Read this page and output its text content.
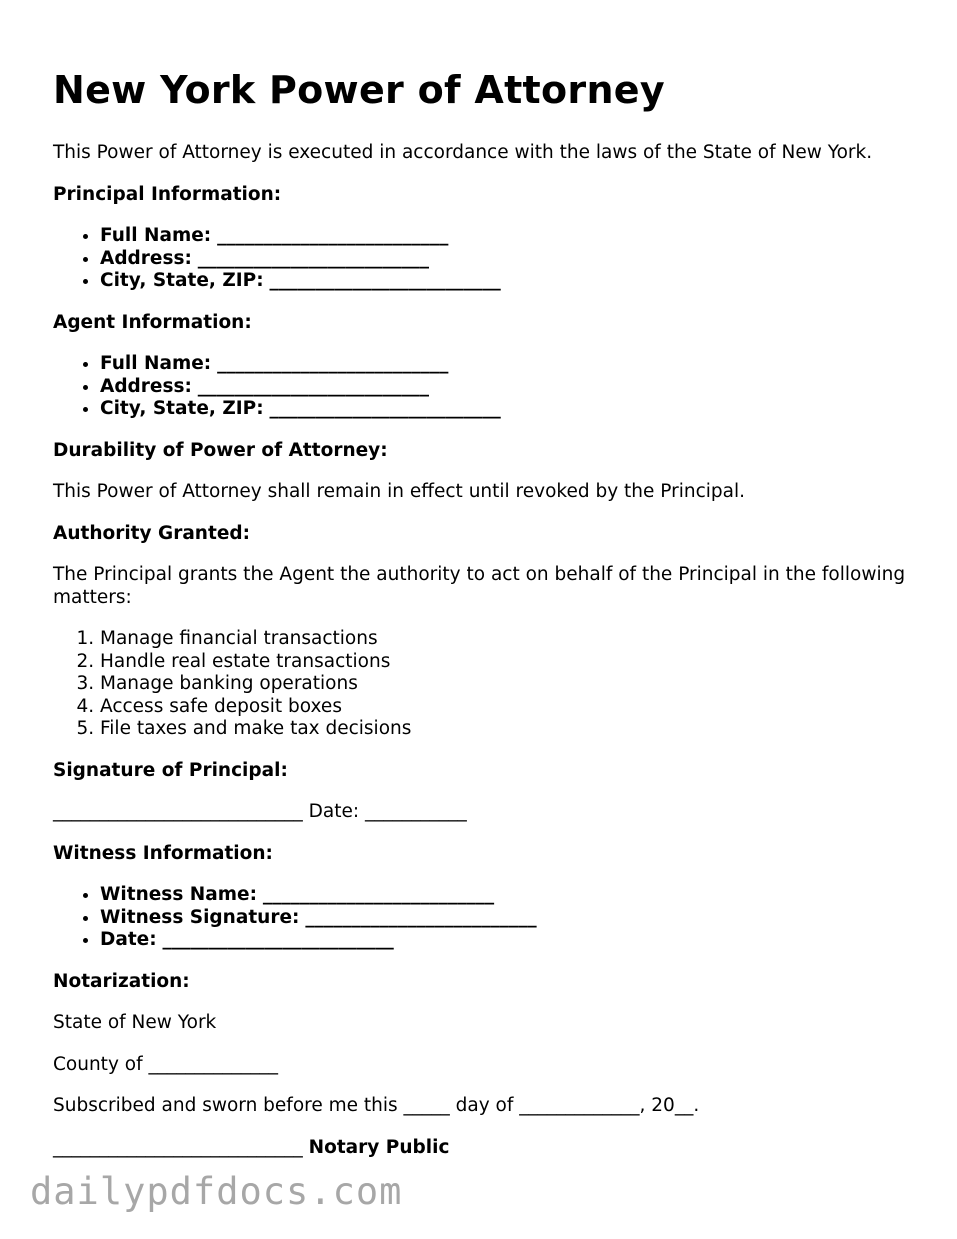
New York Power of Attorney

This Power of Attorney is executed in accordance with the laws of the State of New York.

Principal Information:

• Full Name: _________________________
• Address: _________________________
• City, State, ZIP: _________________________

Agent Information:

• Full Name: _________________________
• Address: _________________________
• City, State, ZIP: _________________________

Durability of Power of Attorney:

This Power of Attorney shall remain in effect until revoked by the Principal.

Authority Granted:

The Principal grants the Agent the authority to act on behalf of the Principal in the following matters:

1. Manage financial transactions
2. Handle real estate transactions
3. Manage banking operations
4. Access safe deposit boxes
5. File taxes and make tax decisions

Signature of Principal:

___________________________ Date: ___________

Witness Information:

• Witness Name: _________________________
• Witness Signature: _________________________
• Date: _________________________

Notarization:

State of New York

County of ______________

Subscribed and sworn before me this _____ day of _____________, 20__.

___________________________ Notary Public

dailypdfdocs.com
